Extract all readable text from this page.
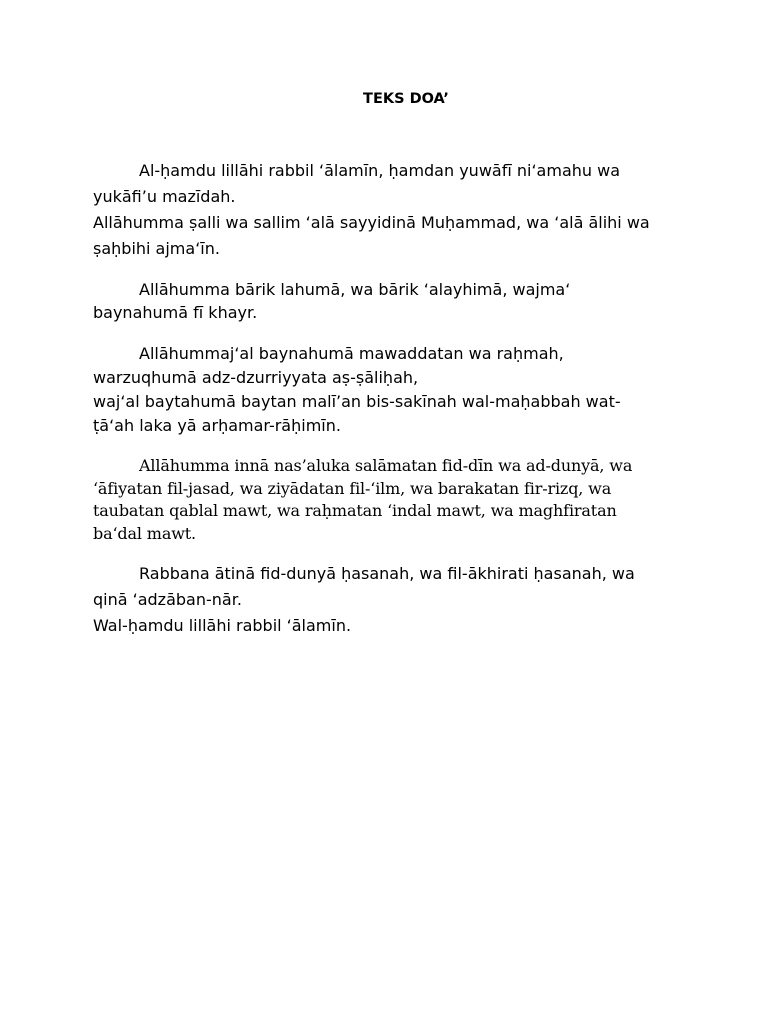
TEKS DOA’
Al-ḥamdu lillāhi rabbil ‘ālamīn, ḥamdan yuwāfī ni‘amahu wa
yukāfi’u mazīdah.
Allāhumma ṣalli wa sallim ‘alā sayyidinā Muḥammad, wa ‘alā ālihi wa
ṣaḥbihi ajma‘īn.
Allāhumma bārik lahumā, wa bārik ‘alayhimā, wajma‘
baynahumā fī khayr.
Allāhummaj‘al baynahumā mawaddatan wa raḥmah,
warzuqhumā adz-dzurriyyata aṣ-ṣāliḥah,
waj‘al baytahumā baytan malī’an bis-sakīnah wal-maḥabbah wat-
ṭā‘ah laka yā arḥamar-rāḥimīn.
Allāhumma innā nas’aluka salāmatan fid-dīn wa ad-dunyā, wa
‘āfiyatan fil-jasad, wa ziyādatan fil-‘ilm, wa barakatan fir-rizq, wa
taubatan qablal mawt, wa raḥmatan ‘indal mawt, wa maghfiratan
ba‘dal mawt.
Rabbana ātinā fid-dunyā ḥasanah, wa fil-ākhirati ḥasanah, wa
qinā ‘adzāban-nār.
Wal-ḥamdu lillāhi rabbil ‘ālamīn.
